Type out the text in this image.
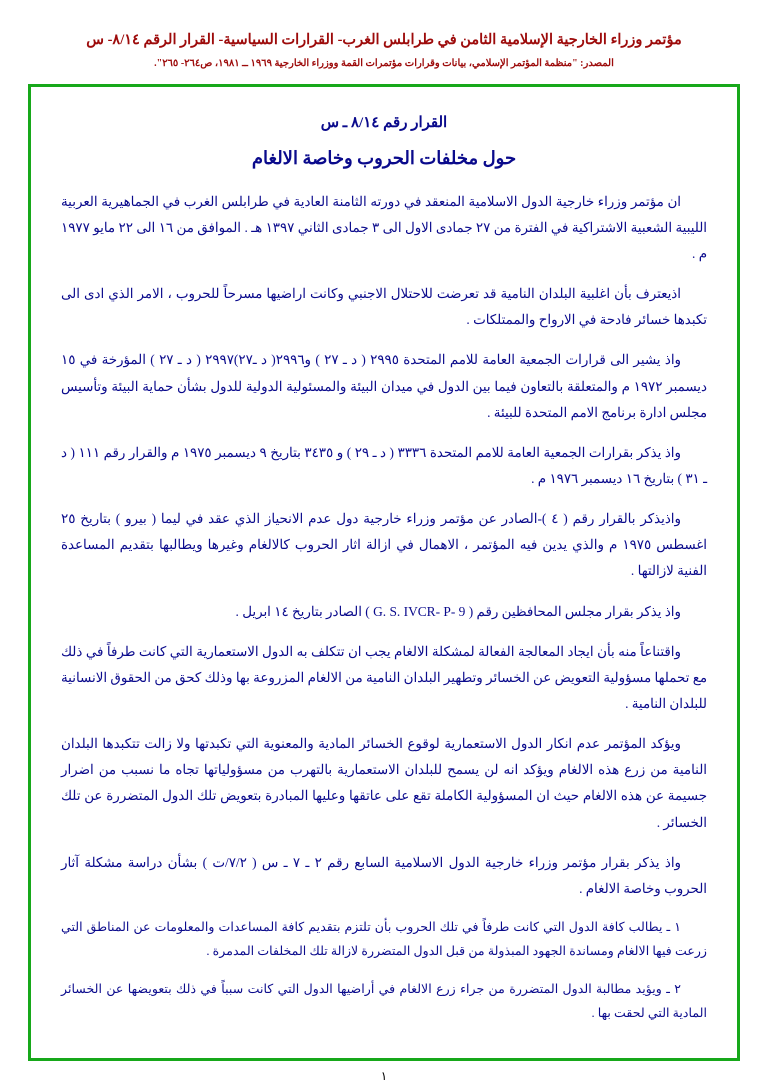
مؤتمر وزراء الخارجية الإسلامية الثامن في طرابلس الغرب- القرارات السياسية- القرار الرقم ٨/١٤- س
المصدر: "منظمة المؤتمر الإسلامي، بيانات وقرارات مؤتمرات القمة ووزراء الخارجية ١٩٦٩ ــ ١٩٨١، ص٢٦٤- ٢٦٥".
القرار رقم ٨/١٤ ـ س
حول مخلفات الحروب وخاصة الالغام

ان مؤتمر وزراء خارجية الدول الاسلامية المنعقد في دورته الثامنة العادية في طرابلس الغرب في الجماهيرية العربية الليبية الشعبية الاشتراكية في الفترة من ٢٧ جمادى الاول الى ٣ جمادى الثاني ١٣٩٧ هـ . الموافق من ١٦ الى ٢٢ مايو ١٩٧٧ م .

اذيعترف بأن اغلبية البلدان النامية قد تعرضت للاحتلال الاجنبي وكانت اراضيها مسرحاً للحروب ، الامر الذي ادى الى تكبدها خسائر فادحة في الارواح والممتلكات .

واذ يشير الى قرارات الجمعية العامة للامم المتحدة ٢٩٩٥ ( د ـ ٢٧ ) و٢٩٩٦( د ـ٢٧)٢٩٩٧ ( د ـ ٢٧ ) المؤرخة في ١٥ ديسمبر ١٩٧٢ م والمتعلقة بالتعاون فيما بين الدول في ميدان البيئة والمسئولية الدولية للدول بشأن حماية البيئة وتأسيس مجلس ادارة برنامج الامم المتحدة للبيئة .

واذ يذكر بقرارات الجمعية العامة للامم المتحدة ٣٣٣٦ ( د ـ ٢٩ ) و ٣٤٣٥ بتاريخ ٩ ديسمبر ١٩٧٥ م والقرار رقم ١١١ ( د ـ ٣١ ) بتاريخ ١٦ ديسمبر ١٩٧٦ م .

واذيذكر بالقرار رقم ( ٤ )-الصادر عن مؤتمر وزراء خارجية دول عدم الانحياز الذي عقد في ليما ( بيرو ) بتاريخ ٢٥ اغسطس ١٩٧٥ م والذي يدين فيه المؤتمر ، الاهمال في ازالة اثار الحروب كالالغام وغيرها ويطالبها بتقديم المساعدة الفنية لازالتها .

واذ يذكر بقرار مجلس المحافظين رقم ( G. S. IVCR- P- 9 ) الصادر بتاريخ ١٤ ابريل .

واقتناعاً منه بأن ايجاد المعالجة الفعالة لمشكلة الالغام يجب ان تتكلف به الدول الاستعمارية التي كانت طرفاً في ذلك مع تحملها مسؤولية التعويض عن الخسائر وتطهير البلدان النامية من الالغام المزروعة بها وذلك كحق من الحقوق الانسانية للبلدان النامية .

ويؤكد المؤتمر عدم انكار الدول الاستعمارية لوقوع الخسائر المادية والمعنوية التي تكبدتها ولا زالت تتكبدها البلدان النامية من زرع هذه الالغام ويؤكد انه لن يسمح للبلدان الاستعمارية بالتهرب من مسؤولياتها تجاه ما نسبب من اضرار جسيمة عن هذه الالغام حيث ان المسؤولية الكاملة تقع على عاتقها وعليها المبادرة بتعويض تلك الدول المتضررة عن تلك الخسائر .

واذ يذكر بقرار مؤتمر وزراء خارجية الدول الاسلامية السابع رقم ٢ ـ ٧ ـ س ( ٧/٢/ت ) بشأن دراسة مشكلة آثار الحروب وخاصة الالغام .

١ ـ يطالب كافة الدول التي كانت طرفاً في تلك الحروب بأن تلتزم بتقديم كافة المساعدات والمعلومات عن المناطق التي زرعت فيها الالغام ومساندة الجهود المبذولة من قبل الدول المتضررة لازالة تلك المخلفات المدمرة .

٢ ـ ويؤيد مطالبة الدول المتضررة من جراء زرع الالغام في أراضيها الدول التي كانت سبباً في ذلك بتعويضها عن الخسائر المادية التي لحقت بها .

١
